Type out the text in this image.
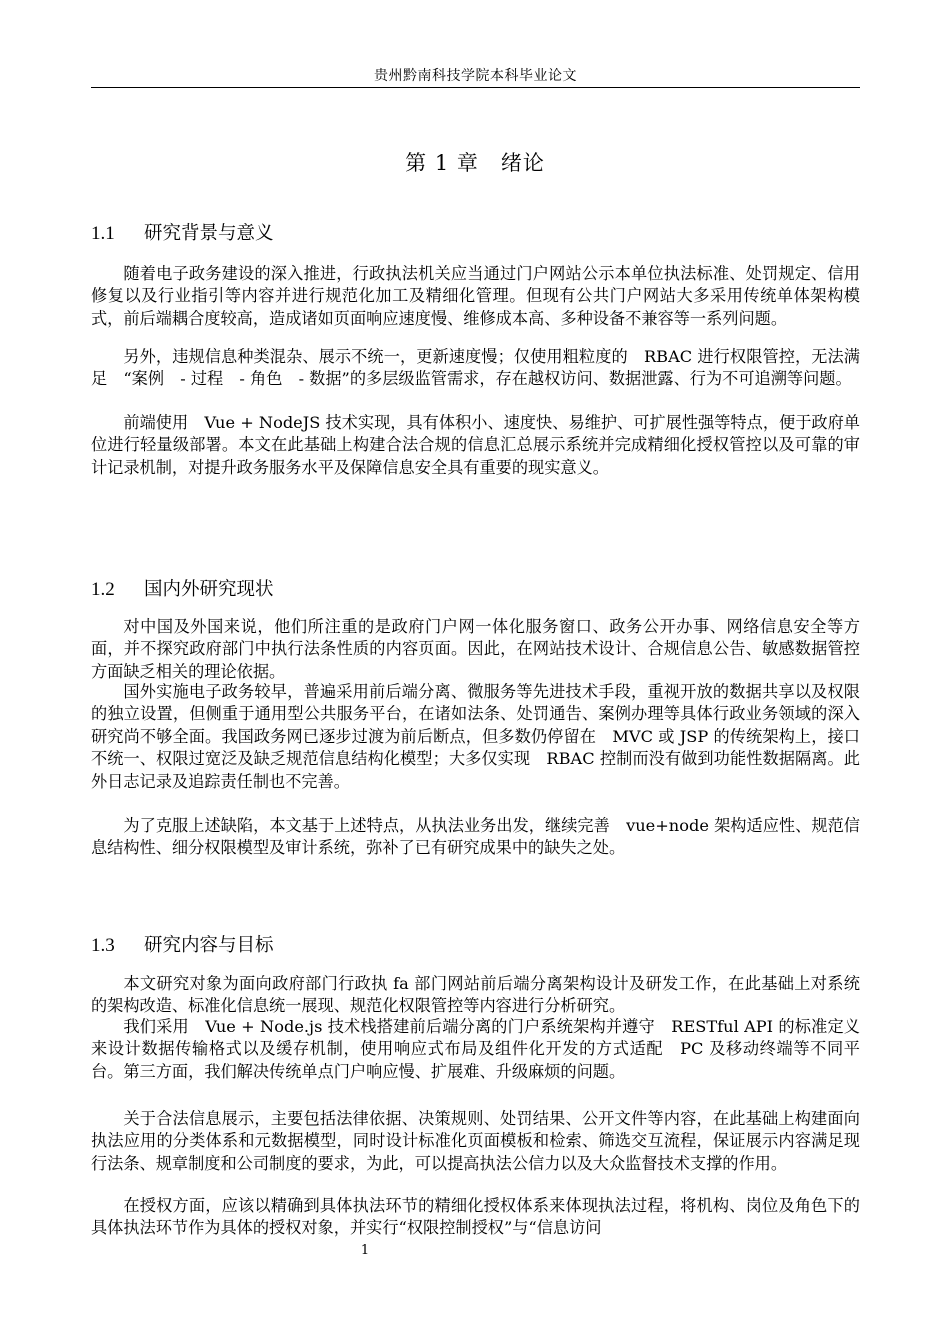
贵州黔南科技学院本科毕业论文
第 1 章　绪论
1.1 研究背景与意义

随着电子政务建设的深入推进，行政执法机关应当通过门户网站公示本单位执法标准、处罚规定、信用修复以及行业指引等内容并进行规范化加工及精细化管理。但现有公共门户网站大多采用传统单体架构模式，前后端耦合度较高，造成诸如页面响应速度慢、维修成本高、多种设备不兼容等一系列问题。

另外，违规信息种类混杂、展示不统一，更新速度慢；仅使用粗粒度的　RBAC 进行权限管控，无法满足　“案例　- 过程　- 角色　- 数据”的多层级监管需求，存在越权访问、数据泄露、行为不可追溯等问题。

前端使用　Vue + NodeJS 技术实现，具有体积小、速度快、易维护、可扩展性强等特点，便于政府单位进行轻量级部署。本文在此基础上构建合法合规的信息汇总展示系统并完成精细化授权管控以及可靠的审计记录机制，对提升政务服务水平及保障信息安全具有重要的现实意义。

1.2 国内外研究现状

对中国及外国来说，他们所注重的是政府门户网一体化服务窗口、政务公开办事、网络信息安全等方面，并不探究政府部门中执行法条性质的内容页面。因此，在网站技术设计、合规信息公告、敏感数据管控方面缺乏相关的理论依据。

国外实施电子政务较早，普遍采用前后端分离、微服务等先进技术手段，重视开放的数据共享以及权限的独立设置，但侧重于通用型公共服务平台，在诸如法条、处罚通告、案例办理等具体行政业务领域的深入研究尚不够全面。我国政务网已逐步过渡为前后断点，但多数仍停留在　MVC 或 JSP 的传统架构上，接口不统一、权限过宽泛及缺乏规范信息结构化模型；大多仅实现　RBAC 控制而没有做到功能性数据隔离。此外日志记录及追踪责任制也不完善。

为了克服上述缺陷，本文基于上述特点，从执法业务出发，继续完善　vue+node 架构适应性、规范信息结构性、细分权限模型及审计系统，弥补了已有研究成果中的缺失之处。

1.3 研究内容与目标

本文研究对象为面向政府部门行政执 fa 部门网站前后端分离架构设计及研发工作，在此基础上对系统的架构改造、标准化信息统一展现、规范化权限管控等内容进行分析研究。

我们采用　Vue + Node.js 技术栈搭建前后端分离的门户系统架构并遵守　RESTful API 的标准定义来设计数据传输格式以及缓存机制，使用响应式布局及组件化开发的方式适配　PC 及移动终端等不同平台。第三方面，我们解决传统单点门户响应慢、扩展难、升级麻烦的问题。

关于合法信息展示，主要包括法律依据、决策规则、处罚结果、公开文件等内容，在此基础上构建面向执法应用的分类体系和元数据模型，同时设计标准化页面模板和检索、筛选交互流程，保证展示内容满足现行法条、规章制度和公司制度的要求，为此，可以提高执法公信力以及大众监督技术支撑的作用。

在授权方面，应该以精确到具体执法环节的精细化授权体系来体现执法过程，将机构、岗位及角色下的具体执法环节作为具体的授权对象，并实行“权限控制授权”与“信息访问

1
